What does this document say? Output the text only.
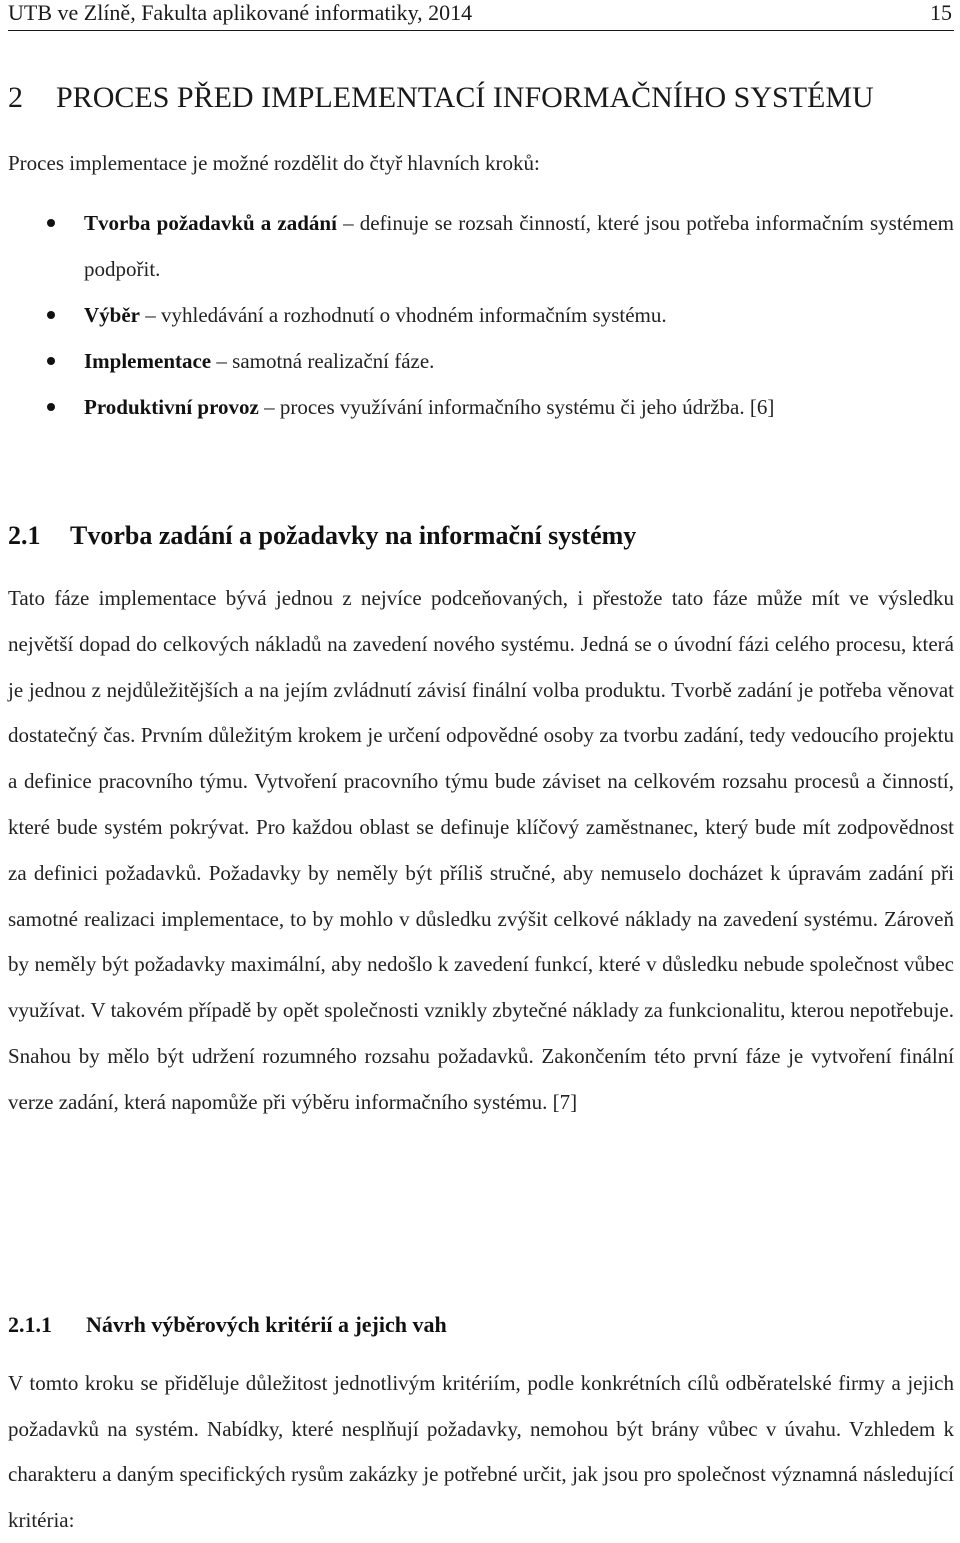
UTB ve Zlíně, Fakulta aplikované informatiky, 2014	15
2 PROCES PŘED IMPLEMENTACÍ INFORMAČNÍHO SYSTÉMU
Proces implementace je možné rozdělit do čtyř hlavních kroků:
Tvorba požadavků a zadání – definuje se rozsah činností, které jsou potřeba informačním systémem podpořit.
Výběr – vyhledávání a rozhodnutí o vhodném informačním systému.
Implementace – samotná realizační fáze.
Produktivní provoz – proces využívání informačního systému či jeho údržba. [6]
2.1 Tvorba zadání a požadavky na informační systémy
Tato fáze implementace bývá jednou z nejvíce podceňovaných, i přestože tato fáze může mít ve výsledku největší dopad do celkových nákladů na zavedení nového systému. Jedná se o úvodní fázi celého procesu, která je jednou z nejdůležitějších a na jejím zvládnutí závisí finální volba produktu. Tvorbě zadání je potřeba věnovat dostatečný čas. Prvním důležitým krokem je určení odpovědné osoby za tvorbu zadání, tedy vedoucího projektu a definice pracovního týmu. Vytvoření pracovního týmu bude záviset na celkovém rozsahu procesů a činností, které bude systém pokrývat. Pro každou oblast se definuje klíčový zaměstnanec, který bude mít zodpovědnost za definici požadavků. Požadavky by neměly být příliš stručné, aby nemuselo docházet k úpravám zadání při samotné realizaci implementace, to by mohlo v důsledku zvýšit celkové náklady na zavedení systému. Zároveň by neměly být požadavky maximální, aby nedošlo k zavedení funkcí, které v důsledku nebude společnost vůbec využívat. V takovém případě by opět společnosti vznikly zbytečné náklady za funkcionalitu, kterou nepotřebuje. Snahou by mělo být udržení rozumného rozsahu požadavků. Zakončením této první fáze je vytvoření finální verze zadání, která napomůže při výběru informačního systému. [7]
2.1.1 Návrh výběrových kritérií a jejich vah
V tomto kroku se přiděluje důležitost jednotlivým kritériím, podle konkrétních cílů odběratelské firmy a jejich požadavků na systém. Nabídky, které nesplňují požadavky, nemohou být brány vůbec v úvahu. Vzhledem k charakteru a daným specifických rysům zakázky je potřebné určit, jak jsou pro společnost významná následující kritéria:
